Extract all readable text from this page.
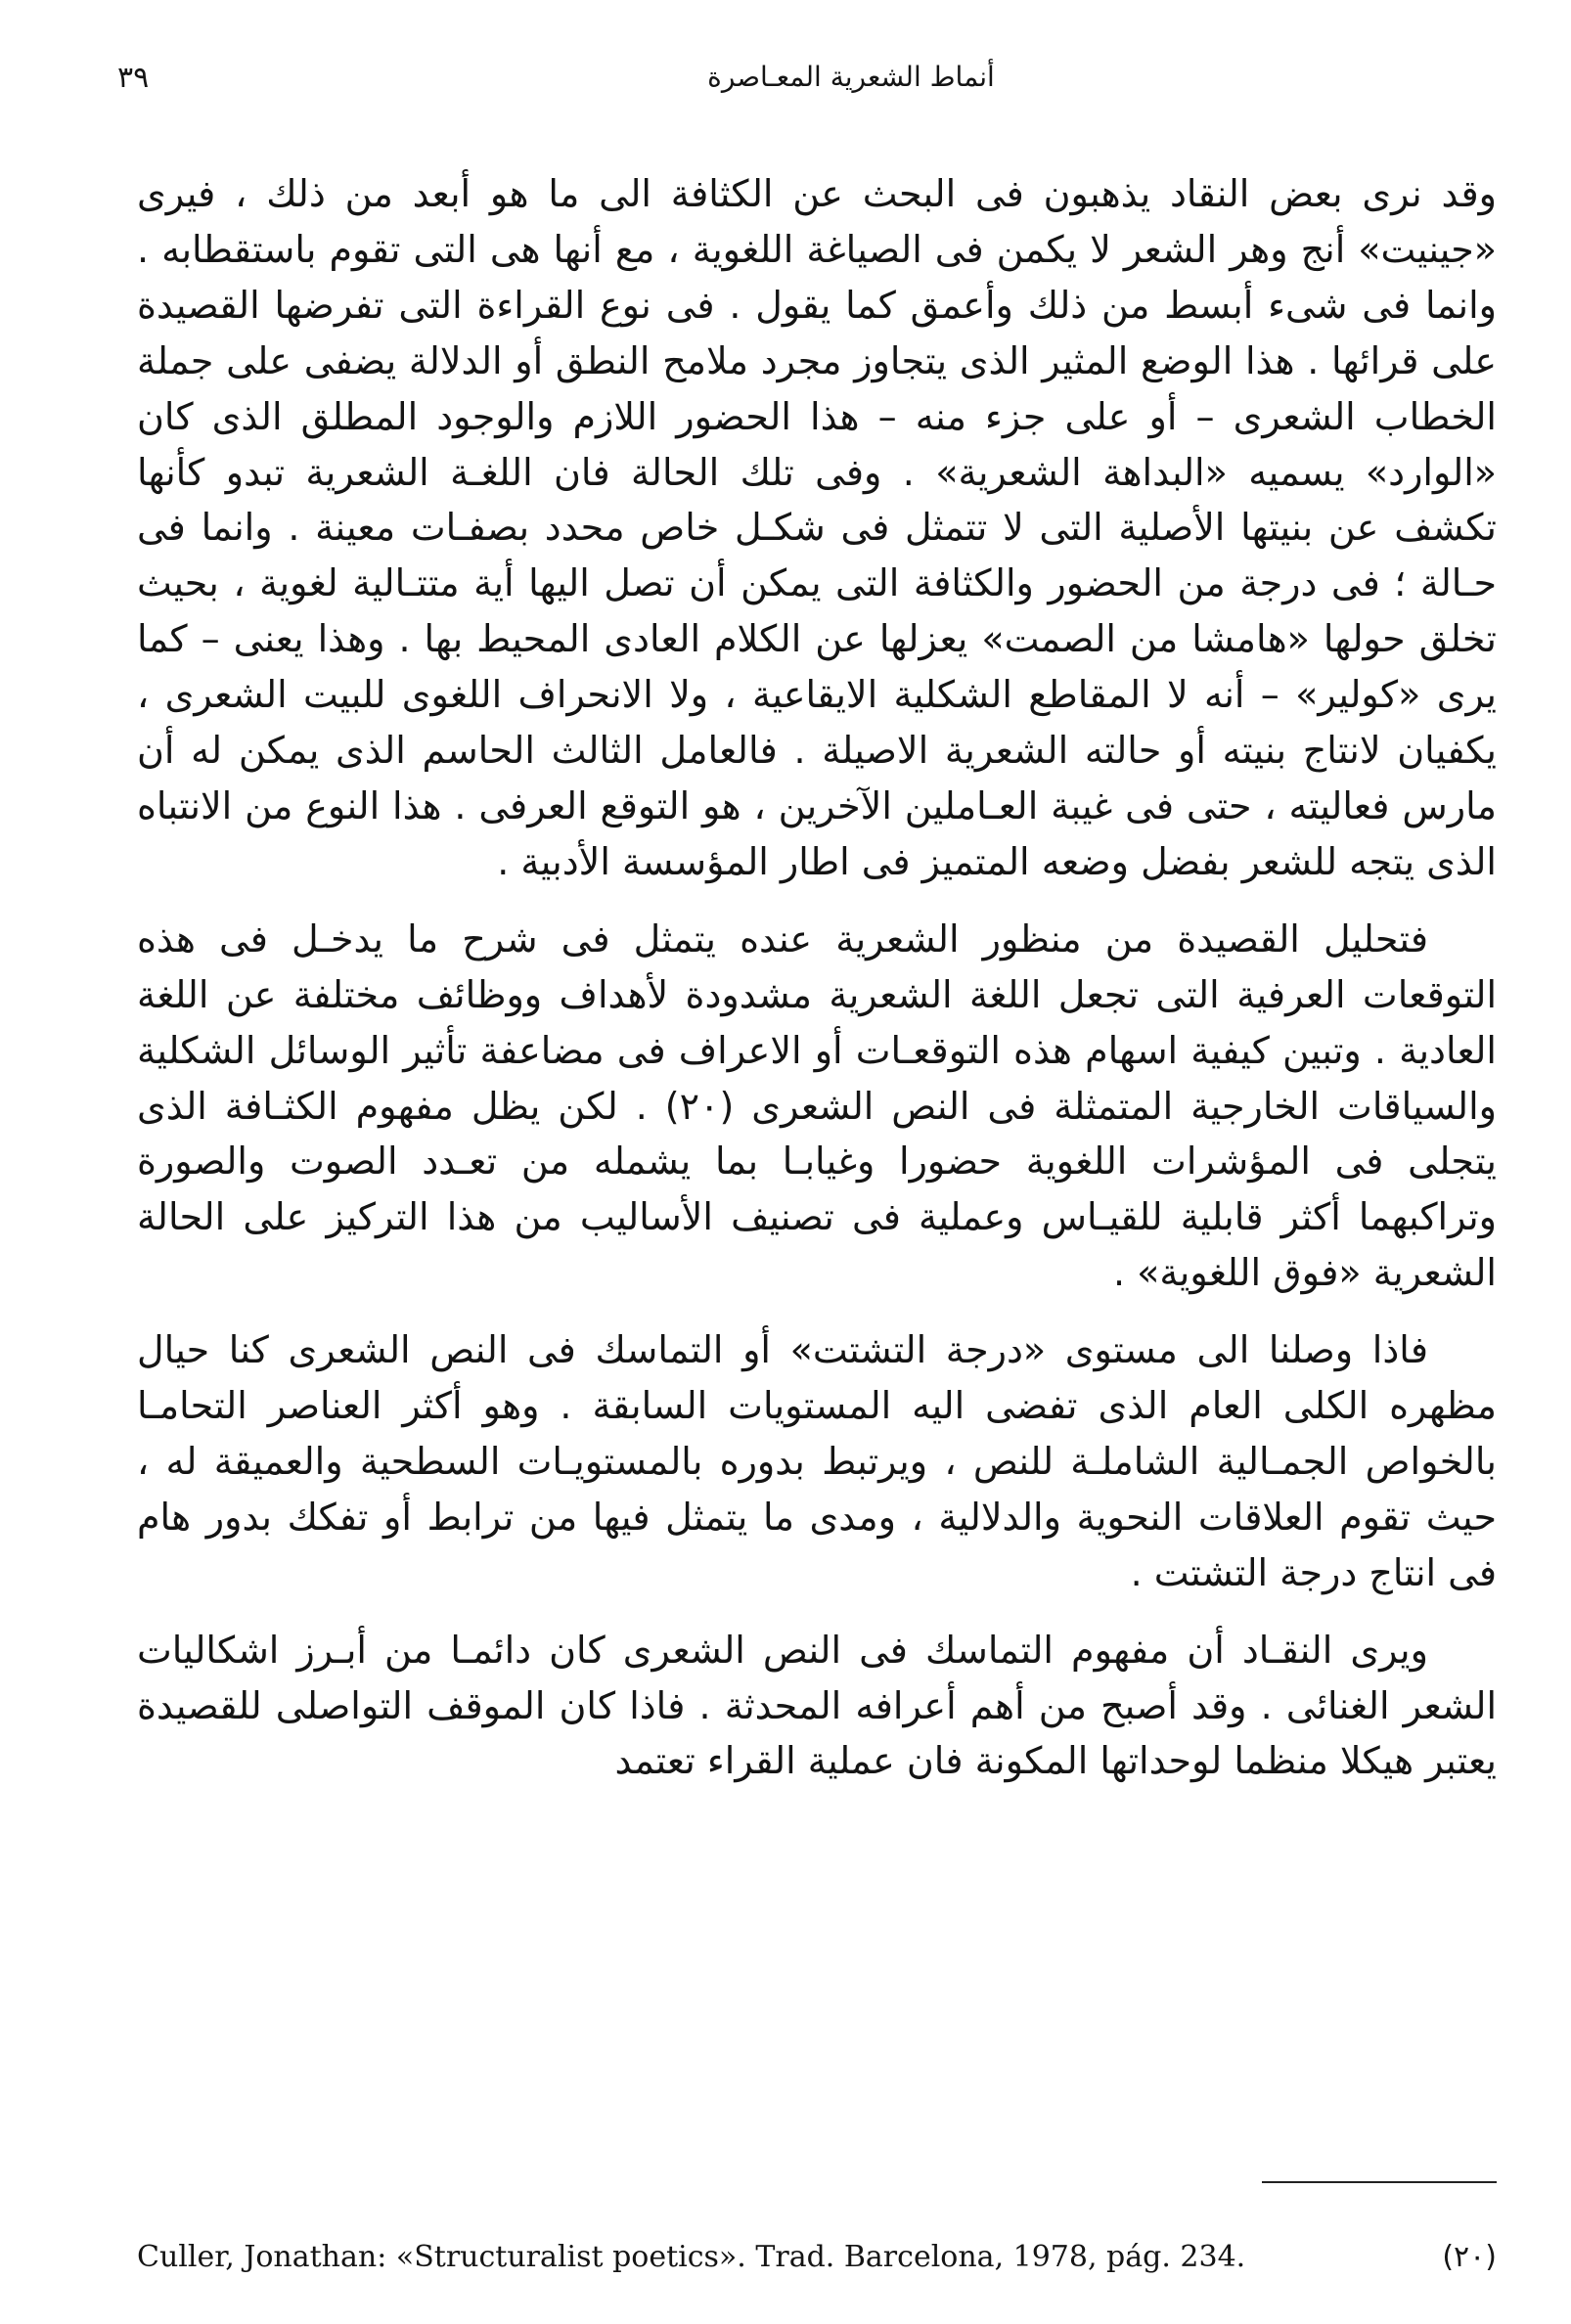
٣٩	أنماط الشعرية المعـاصرة

وقد نرى بعض النقاد يذهبون فى البحث عن الكثافة الى ما هو أبعد من ذلك ، فيرى «جينيت» أنج وهر الشعر لا يكمن فى الصياغة اللغوية ، مع أنها هى التى تقوم باستقطابه . وانما فى شىء أبسط من ذلك وأعمق كما يقول . فى نوع القراءة التى تفرضها القصيدة على قرائها . هذا الوضع المثير الذى يتجاوز مجرد ملامح النطق أو الدلالة يضفى على جملة الخطاب الشعرى – أو على جزء منه – هذا الحضور اللازم والوجود المطلق الذى كان «الوارد» يسميه «البداهة الشعرية» . وفى تلك الحالة فان اللغـة الشعرية تبدو كأنها تكشف عن بنيتها الأصلية التى لا تتمثل فى شكـل خاص محدد بصفـات معينة . وانما فى حـالة ؛ فى درجة من الحضور والكثافة التى يمكن أن تصل اليها أية متتـالية لغوية ، بحيث تخلق حولها «هامشا من الصمت» يعزلها عن الكلام العادى المحيط بها . وهذا يعنى – كما يرى «كولير» – أنه لا المقاطع الشكلية الايقاعية ، ولا الانحراف اللغوى للبيت الشعرى ، يكفيان لانتاج بنيته أو حالته الشعرية الاصيلة . فالعامل الثالث الحاسم الذى يمكن له أن مارس فعاليته ، حتى فى غيبة العـاملين الآخرين ، هو التوقع العرفى . هذا النوع من الانتباه الذى يتجه للشعر بفضل وضعه المتميز فى اطار المؤسسة الأدبية .

فتحليل القصيدة من منظور الشعرية عنده يتمثل فى شرح ما يدخـل فى هذه التوقعات العرفية التى تجعل اللغة الشعرية مشدودة لأهداف ووظائف مختلفة عن اللغة العادية . وتبين كيفية اسهام هذه التوقعـات أو الاعراف فى مضاعفة تأثير الوسائل الشكلية والسياقات الخارجية المتمثلة فى النص الشعرى (٢٠) . لكن يظل مفهوم الكثـافة الذى يتجلى فى المؤشرات اللغوية حضورا وغيابـا بما يشمله من تعـدد الصوت والصورة وتراكبهما أكثر قابلية للقيـاس وعملية فى تصنيف الأساليب من هذا التركيز على الحالة الشعرية «فوق اللغوية» .

فاذا وصلنا الى مستوى «درجة التشتت» أو التماسك فى النص الشعرى كنا حيال مظهره الكلى العام الذى تفضى اليه المستويات السابقة . وهو أكثر العناصر التحامـا بالخواص الجمـالية الشاملـة للنص ، ويرتبط بدوره بالمستويـات السطحية والعميقة له ، حيث تقوم العلاقات النحوية والدلالية ، ومدى ما يتمثل فيها من ترابط أو تفكك بدور هام فى انتاج درجة التشتت .

ويرى النقـاد أن مفهوم التماسك فى النص الشعرى كان دائمـا من أبـرز اشكاليات الشعر الغنائى . وقد أصبح من أهم أعرافه المحدثة . فاذا كان الموقف التواصلى للقصيدة يعتبر هيكلا منظما لوحداتها المكونة فان عملية القراء تعتمد

Culler, Jonathan: «Structuralist poetics». Trad. Barcelona, 1978, pág. 234.	(٢٠)
